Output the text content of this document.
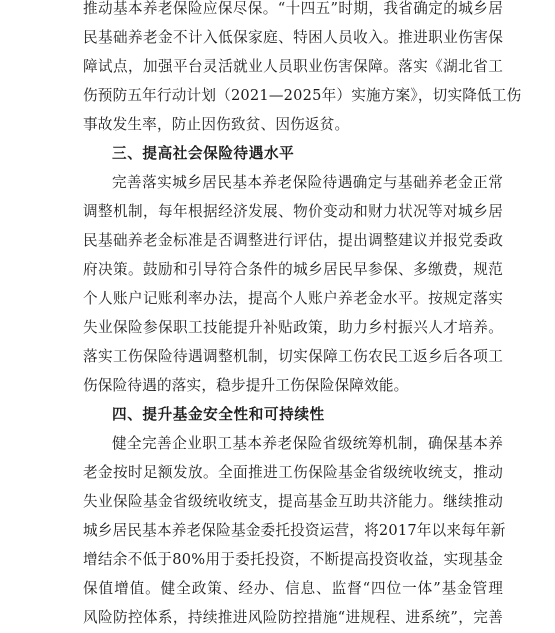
推动基本养老保险应保尽保。“十四五”时期，我省确定的城乡居
民基础养老金不计入低保家庭、特困人员收入。推进职业伤害保
障试点，加强平台灵活就业人员职业伤害保障。落实《湖北省工
伤预防五年行动计划（2021—2025年）实施方案》，切实降低工伤
事故发生率，防止因伤致贫、因伤返贫。
三、提高社会保险待遇水平
完善落实城乡居民基本养老保险待遇确定与基础养老金正常
调整机制，每年根据经济发展、物价变动和财力状况等对城乡居
民基础养老金标准是否调整进行评估，提出调整建议并报党委政
府决策。鼓励和引导符合条件的城乡居民早参保、多缴费，规范
个人账户记账利率办法，提高个人账户养老金水平。按规定落实
失业保险参保职工技能提升补贴政策，助力乡村振兴人才培养。
落实工伤保险待遇调整机制，切实保障工伤农民工返乡后各项工
伤保险待遇的落实，稳步提升工伤保险保障效能。
四、提升基金安全性和可持续性
健全完善企业职工基本养老保险省级统筹机制，确保基本养
老金按时足额发放。全面推进工伤保险基金省级统收统支，推动
失业保险基金省级统收统支，提高基金互助共济能力。继续推动
城乡居民基本养老保险基金委托投资运营，将2017年以来每年新
增结余不低于80%用于委托投资，不断提高投资收益，实现基金
保值增值。健全政策、经办、信息、监督“四位一体”基金管理
风险防控体系，持续推进风险防控措施“进规程、进系统”，完善
